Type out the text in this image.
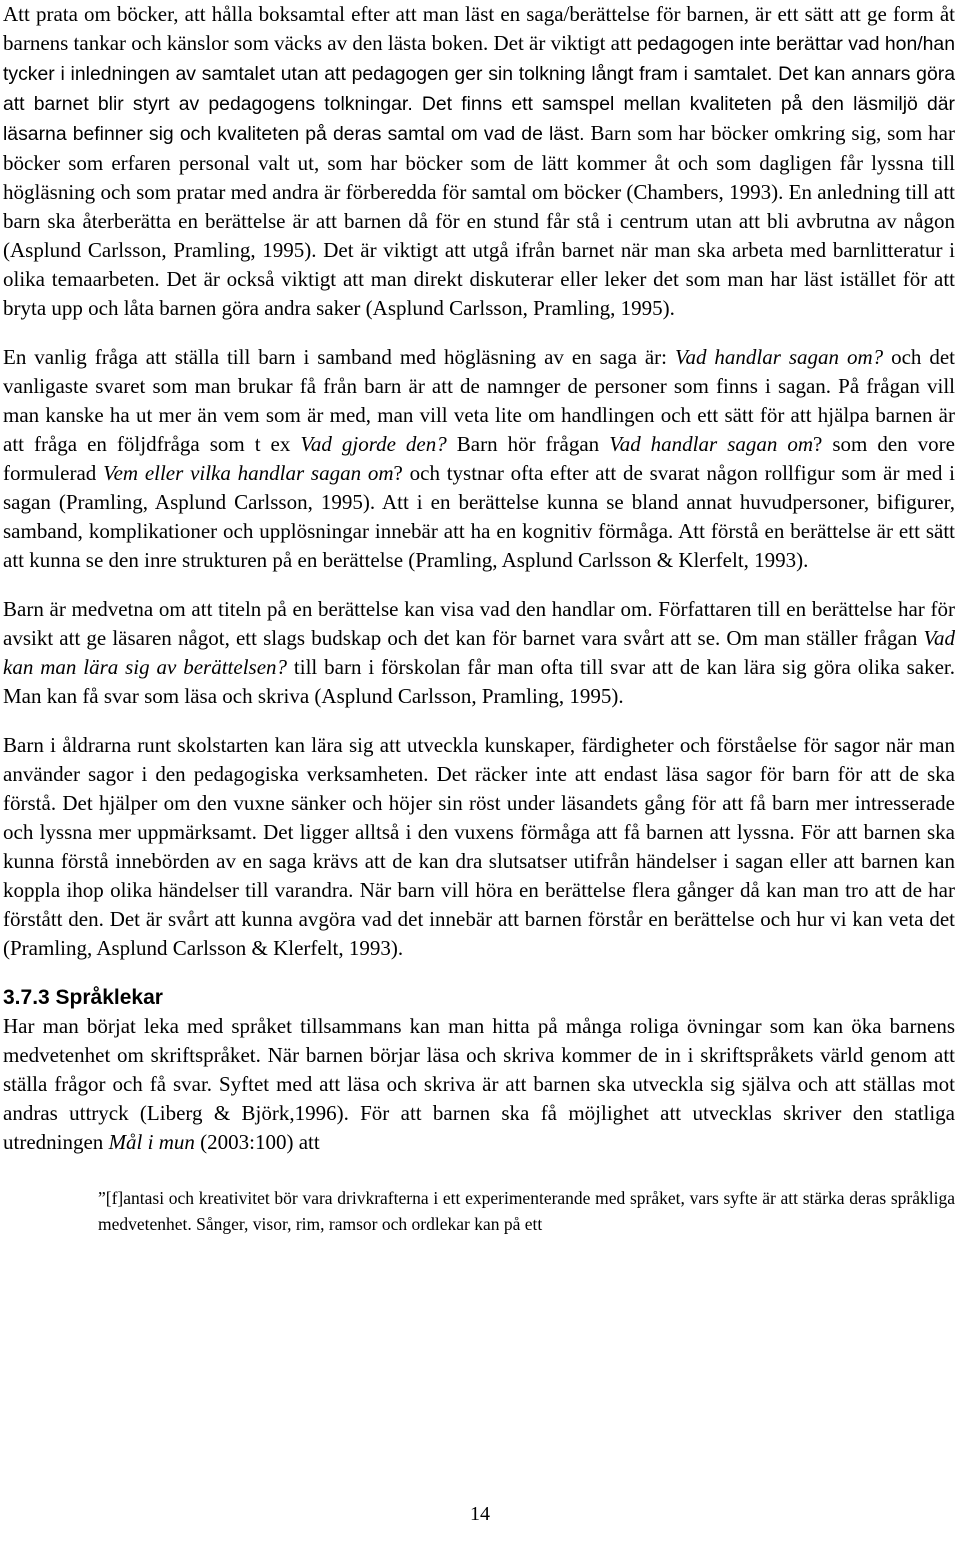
Att prata om böcker, att hålla boksamtal efter att man läst en saga/berättelse för barnen, är ett sätt att ge form åt barnens tankar och känslor som väcks av den lästa boken. Det är viktigt att pedagogen inte berättar vad hon/han tycker i inledningen av samtalet utan att pedagogen ger sin tolkning långt fram i samtalet. Det kan annars göra att barnet blir styrt av pedagogens tolkningar. Det finns ett samspel mellan kvaliteten på den läsmiljö där läsarna befinner sig och kvaliteten på deras samtal om vad de läst. Barn som har böcker omkring sig, som har böcker som erfaren personal valt ut, som har böcker som de lätt kommer åt och som dagligen får lyssna till högläsning och som pratar med andra är förberedda för samtal om böcker (Chambers, 1993). En anledning till att barn ska återberätta en berättelse är att barnen då för en stund får stå i centrum utan att bli avbrutna av någon (Asplund Carlsson, Pramling, 1995). Det är viktigt att utgå ifrån barnet när man ska arbeta med barnlitteratur i olika temaarbeten. Det är också viktigt att man direkt diskuterar eller leker det som man har läst istället för att bryta upp och låta barnen göra andra saker (Asplund Carlsson, Pramling, 1995).

En vanlig fråga att ställa till barn i samband med högläsning av en saga är: Vad handlar sagan om? och det vanligaste svaret som man brukar få från barn är att de namnger de personer som finns i sagan. På frågan vill man kanske ha ut mer än vem som är med, man vill veta lite om handlingen och ett sätt för att hjälpa barnen är att fråga en följdfråga som t ex Vad gjorde den? Barn hör frågan Vad handlar sagan om? som den vore formulerad Vem eller vilka handlar sagan om? och tystnar ofta efter att de svarat någon rollfigur som är med i sagan (Pramling, Asplund Carlsson, 1995). Att i en berättelse kunna se bland annat huvudpersoner, bifigurer, samband, komplikationer och upplösningar innebär att ha en kognitiv förmåga. Att förstå en berättelse är ett sätt att kunna se den inre strukturen på en berättelse (Pramling, Asplund Carlsson & Klerfelt, 1993).

Barn är medvetna om att titeln på en berättelse kan visa vad den handlar om. Författaren till en berättelse har för avsikt att ge läsaren något, ett slags budskap och det kan för barnet vara svårt att se. Om man ställer frågan Vad kan man lära sig av berättelsen? till barn i förskolan får man ofta till svar att de kan lära sig göra olika saker. Man kan få svar som läsa och skriva (Asplund Carlsson, Pramling, 1995).

Barn i åldrarna runt skolstarten kan lära sig att utveckla kunskaper, färdigheter och förståelse för sagor när man använder sagor i den pedagogiska verksamheten. Det räcker inte att endast läsa sagor för barn för att de ska förstå. Det hjälper om den vuxne sänker och höjer sin röst under läsandets gång för att få barn mer intresserade och lyssna mer uppmärksamt. Det ligger alltså i den vuxens förmåga att få barnen att lyssna. För att barnen ska kunna förstå innebörden av en saga krävs att de kan dra slutsatser utifrån händelser i sagan eller att barnen kan koppla ihop olika händelser till varandra. När barn vill höra en berättelse flera gånger då kan man tro att de har förstått den. Det är svårt att kunna avgöra vad det innebär att barnen förstår en berättelse och hur vi kan veta det (Pramling, Asplund Carlsson & Klerfelt, 1993).

3.7.3 Språklekar

Har man börjat leka med språket tillsammans kan man hitta på många roliga övningar som kan öka barnens medvetenhet om skriftspråket. När barnen börjar läsa och skriva kommer de in i skriftspråkets värld genom att ställa frågor och få svar. Syftet med att läsa och skriva är att barnen ska utveckla sig själva och att ställas mot andras uttryck (Liberg & Björk,1996). För att barnen ska få möjlighet att utvecklas skriver den statliga utredningen Mål i mun (2003:100) att

”[f]antasi och kreativitet bör vara drivkrafterna i ett experimenterande med språket, vars syfte är att stärka deras språkliga medvetenhet. Sånger, visor, rim, ramsor och ordlekar kan på ett

14
